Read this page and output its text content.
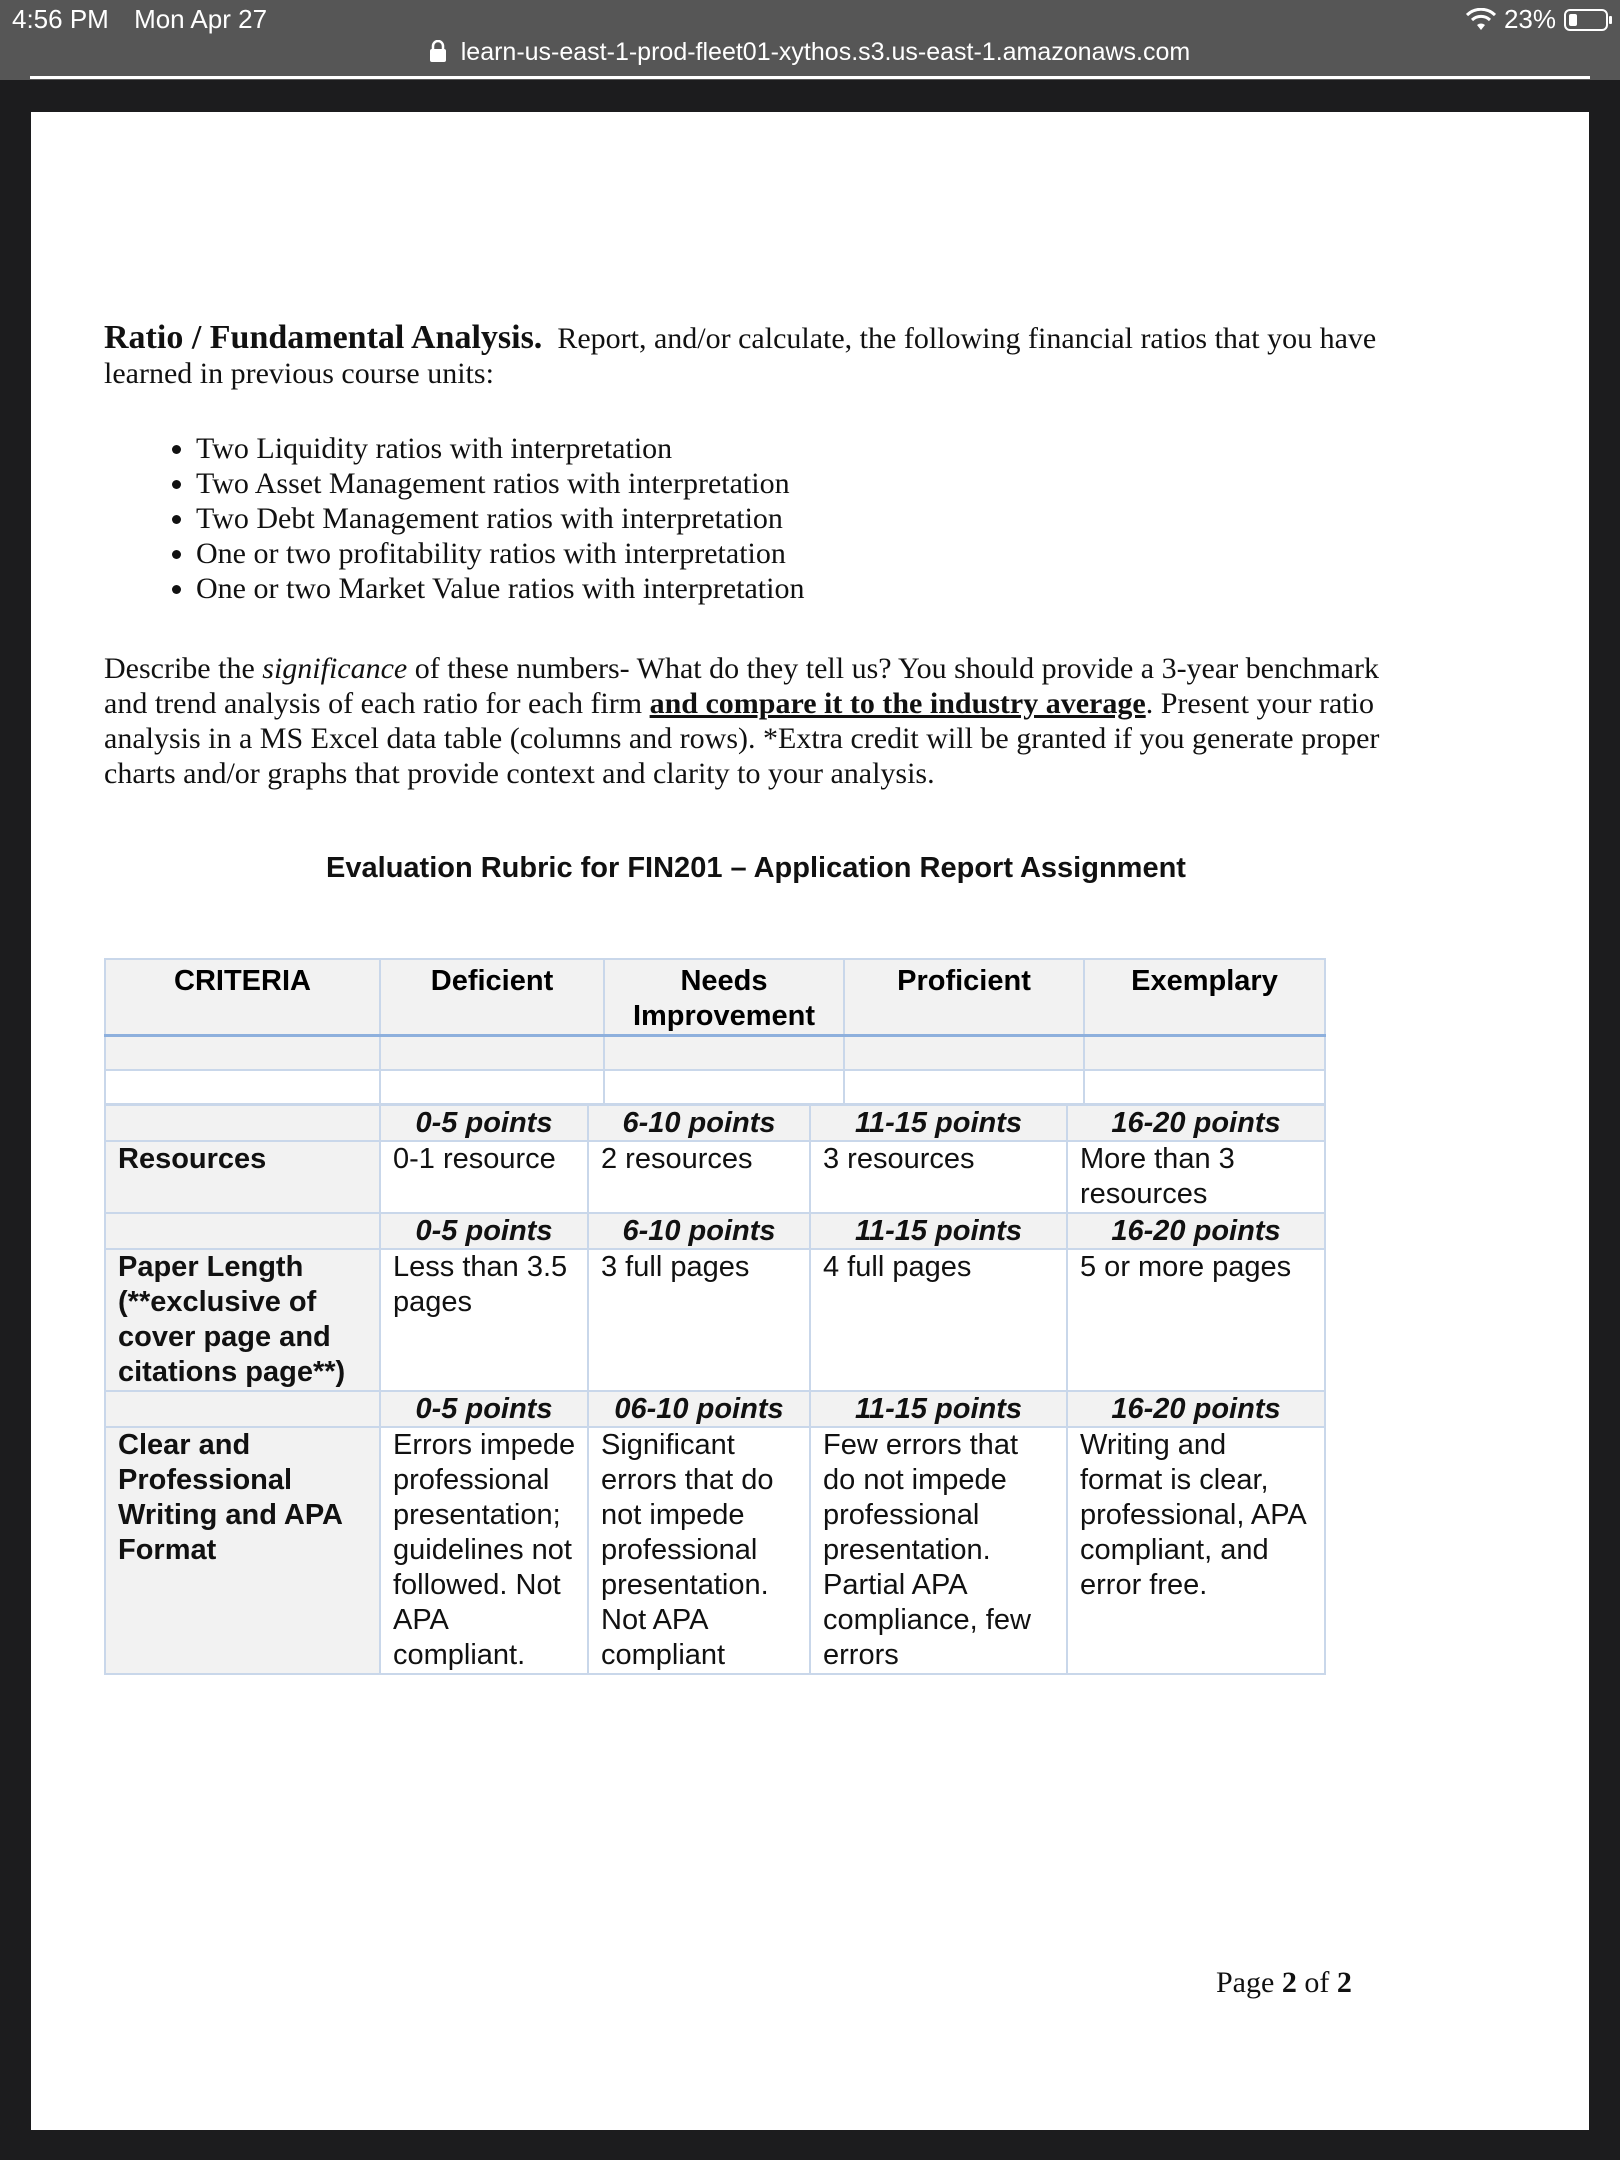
4:56 PM Mon Apr 27	23%
learn-us-east-1-prod-fleet01-xythos.s3.us-east-1.amazonaws.com

Ratio / Fundamental Analysis. Report, and/or calculate, the following financial ratios that you have learned in previous course units:

• Two Liquidity ratios with interpretation
• Two Asset Management ratios with interpretation
• Two Debt Management ratios with interpretation
• One or two profitability ratios with interpretation
• One or two Market Value ratios with interpretation

Describe the significance of these numbers- What do they tell us? You should provide a 3-year benchmark and trend analysis of each ratio for each firm and compare it to the industry average. Present your ratio analysis in a MS Excel data table (columns and rows). *Extra credit will be granted if you generate proper charts and/or graphs that provide context and clarity to your analysis.

Evaluation Rubric for FIN201 – Application Report Assignment
CRITERIA	Deficient	Needs Improvement	Proficient	Exemplary

	0-5 points	6-10 points	11-15 points	16-20 points
Resources	0-1 resource	2 resources	3 resources	More than 3 resources
	0-5 points	6-10 points	11-15 points	16-20 points
Paper Length (**exclusive of cover page and citations page**)	Less than 3.5 pages	3 full pages	4 full pages	5 or more pages
	0-5 points	06-10 points	11-15 points	16-20 points
Clear and Professional Writing and APA Format	Errors impede professional presentation; guidelines not followed. Not APA compliant.	Significant errors that do not impede professional presentation. Not APA compliant	Few errors that do not impede professional presentation. Partial APA compliance, few errors	Writing and format is clear, professional, APA compliant, and error free.
Page 2 of 2
